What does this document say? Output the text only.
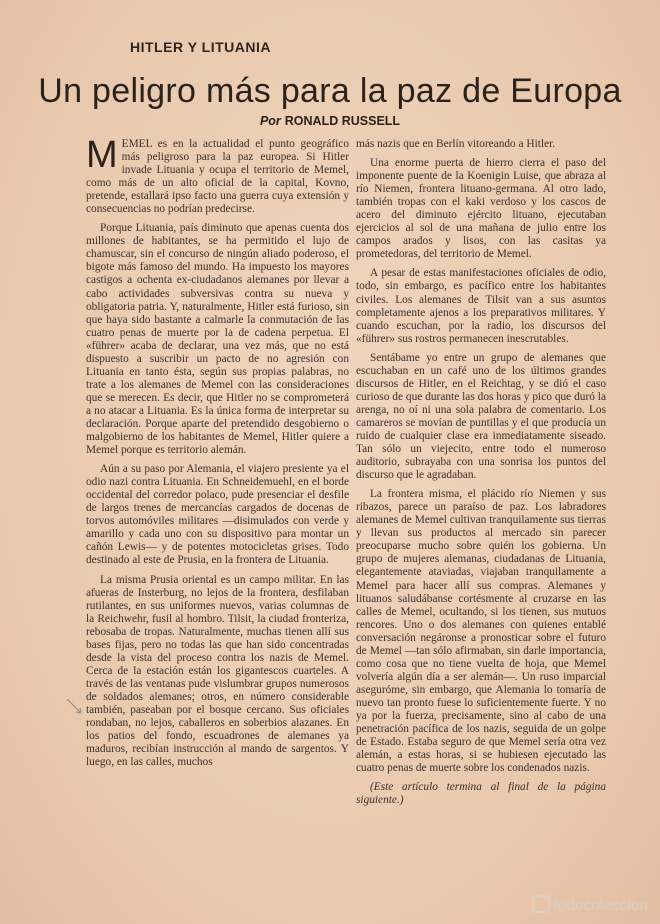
HITLER Y LITUANIA
Un peligro más para la paz de Europa
Por RONALD RUSSELL

MEMEL es en la actualidad el punto geográfico más peligroso para la paz europea. Si Hitler invade Lituania y ocupa el territorio de Memel, como más de un alto oficial de la capital, Kovno, pretende, estallará ipso facto una guerra cuya extensión y consecuencias no podrían predecirse.

Porque Lituania, país diminuto que apenas cuenta dos millones de habitantes, se ha permitido el lujo de chamuscar, sin el concurso de ningún aliado poderoso, el bigote más famoso del mundo. Ha impuesto los mayores castigos a ochenta ex-ciudadanos alemanes por llevar a cabo actividades subversivas contra su nueva y obligatoria patria. Y, naturalmente, Hitler está furioso, sin que haya sido bastante a calmarle la conmutación de las cuatro penas de muerte por la de cadena perpetua. El «führer» acaba de declarar, una vez más, que no está dispuesto a suscribir un pacto de no agresión con Lituania en tanto ésta, según sus propias palabras, no trate a los alemanes de Memel con las consideraciones que se merecen. Es decir, que Hitler no se comprometerá a no atacar a Lituania. Es la única forma de interpretar su declaración. Porque aparte del pretendido desgobierno o malgobierno de los habitantes de Memel, Hitler quiere a Memel porque es territorio alemán.

Aún a su paso por Alemania, el viajero presiente ya el odio nazi contra Lituania. En Schneidemuehl, en el borde occidental del corredor polaco, pude presenciar el desfile de largos trenes de mercancías cargados de docenas de torvos automóviles militares —disimulados con verde y amarillo y cada uno con su dispositivo para montar un cañón Lewis— y de potentes motocicletas grises. Todo destinado al este de Prusia, en la frontera de Lituania.

La misma Prusia oriental es un campo militar. En las afueras de Insterburg, no lejos de la frontera, desfilaban rutilantes, en sus uniformes nuevos, varias columnas de la Reichwehr, fusil al hombro. Tilsit, la ciudad fronteriza, rebosaba de tropas. Naturalmente, muchas tienen allí sus bases fijas, pero no todas las que han sido concentradas desde la vista del proceso contra los nazis de Memel. Cerca de la estación están los gigantescos cuarteles. A través de las ventanas pude vislumbrar grupos numerosos de soldados alemanes; otros, en número considerable también, paseaban por el bosque cercano. Sus oficiales rondaban, no lejos, caballeros en soberbios alazanes. En los patios del fondo, escuadrones de alemanes ya maduros, recibían instrucción al mando de sargentos. Y luego, en las calles, muchos

más nazis que en Berlín vitoreando a Hitler.

Una enorme puerta de hierro cierra el paso del imponente puente de la Koenigin Luise, que abraza al río Niemen, frontera lituano-germana. Al otro lado, también tropas con el kaki verdoso y los cascos de acero del diminuto ejército lituano, ejecutaban ejercicios al sol de una mañana de julio entre los campos arados y lisos, con las casitas ya prometedoras, del territorio de Memel.

A pesar de estas manifestaciones oficiales de odio, todo, sin embargo, es pacífico entre los habitantes civiles. Los alemanes de Tilsit van a sus asuntos completamente ajenos a los preparativos militares. Y cuando escuchan, por la radio, los discursos del «führer» sus rostros permanecen inescrutables.

Sentábame yo entre un grupo de alemanes que escuchaban en un café uno de los últimos grandes discursos de Hitler, en el Reichtag, y se dió el caso curioso de que durante las dos horas y pico que duró la arenga, no oí ni una sola palabra de comentario. Los camareros se movían de puntillas y el que producía un ruido de cualquier clase era inmediatamente siseado. Tan sólo un viejecito, entre todo el numeroso auditorio, subrayaba con una sonrisa los puntos del discurso que le agradaban.

La frontera misma, el plácido río Niemen y sus ribazos, parece un paraíso de paz. Los labradores alemanes de Memel cultivan tranquilamente sus tierras y llevan sus productos al mercado sin parecer preocuparse mucho sobre quién los gobierna. Un grupo de mujeres alemanas, ciudadanas de Lituania, elegantemente ataviadas, viajaban tranquilamente a Memel para hacer allí sus compras. Alemanes y lituanos saludábanse cortésmente al cruzarse en las calles de Memel, ocultando, si los tienen, sus mutuos rencores. Uno o dos alemanes con quienes entablé conversación negáronse a pronosticar sobre el futuro de Memel —tan sólo afirmaban, sin darle importancia, como cosa que no tiene vuelta de hoja, que Memel volvería algún día a ser alemán—. Un ruso imparcial aseguróme, sin embargo, que Alemania lo tomaría de nuevo tan pronto fuese lo suficientemente fuerte. Y no ya por la fuerza, precisamente, sino al cabo de una penetración pacífica de los nazis, seguida de un golpe de Estado. Estaba seguro de que Memel sería otra vez alemán, a estas horas, si se hubiesen ejecutado las cuatro penas de muerte sobre los condenados nazis.

(Este artículo termina al final de la página siguiente.)

todocoleccion
